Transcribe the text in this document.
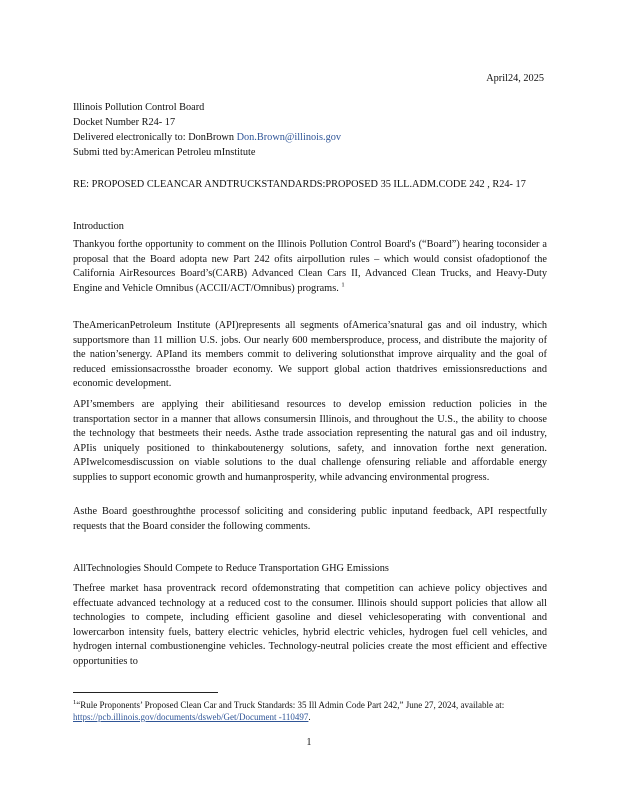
April24, 2025

Illinois Pollution Control Board

Docket Number R24- 17

Delivered electronically to: DonBrown Don.Brown@illinois.gov

Submi tted by:American Petroleu mInstitute

RE: PROPOSED CLEANCAR ANDTRUCKSTANDARDS:PROPOSED 35 ILL.ADM.CODE 242 , R24- 17

Introduction

Thankyou forthe opportunity to comment on the Illinois Pollution Control Board's (“Board”) hearing toconsider a proposal that the Board adopta new Part 242 ofits airpollution rules – which would consist ofadoptionof the California AirResources Board’s(CARB) Advanced Clean Cars II, Advanced Clean Trucks, and Heavy-Duty Engine and Vehicle Omnibus (ACCII/ACT/Omnibus) programs. $^1$

TheAmericanPetroleum Institute (API)represents all segments ofAmerica’snatural gas and oil industry, which supportsmore than 11 million U.S. jobs. Our nearly 600 membersproduce, process, and distribute the majority of the nation’senergy. APIand its members commit to delivering solutionsthat improve airquality and the goal of reduced emissionsacrossthe broader economy. We support global action thatdrives emissionsreductions and economic development.

API’smembers are applying their abilitiesand resources to develop emission reduction policies in the transportation sector in a manner that allows consumersin Illinois, and throughout the U.S., the ability to choose the technology that bestmeets their needs. Asthe trade association representing the natural gas and oil industry, APIis uniquely positioned to thinkaboutenergy solutions, safety, and innovation forthe next generation. APIwelcomesdiscussion on viable solutions to the dual challenge ofensuring reliable and affordable energy supplies to support economic growth and humanprosperity, while advancing environmental progress.

Asthe Board goesthroughthe processof soliciting and considering public inputand feedback, API respectfully requests that the Board consider the following comments.

AllTechnologies Should Compete to Reduce Transportation GHG Emissions

Thefree market hasa proventrack record ofdemonstrating that competition can achieve policy objectives and effectuate advanced technology at a reduced cost to the consumer. Illinois should support policies that allow all technologies to compete, including efficient gasoline and diesel vehiclesoperating with conventional and lowercarbon intensity fuels, battery electric vehicles, hybrid electric vehicles, hydrogen fuel cell vehicles, and hydrogen internal combustionengine vehicles. Technology-neutral policies create the most efficient and effective opportunities to

$^1$“Rule Proponents’ Proposed Clean Car and Truck Standards: 35 Ill Admin Code Part 242,” June 27, 2024, available at: https://pcb.illinois.gov/documents/dsweb/Get/Document -110497.

1
